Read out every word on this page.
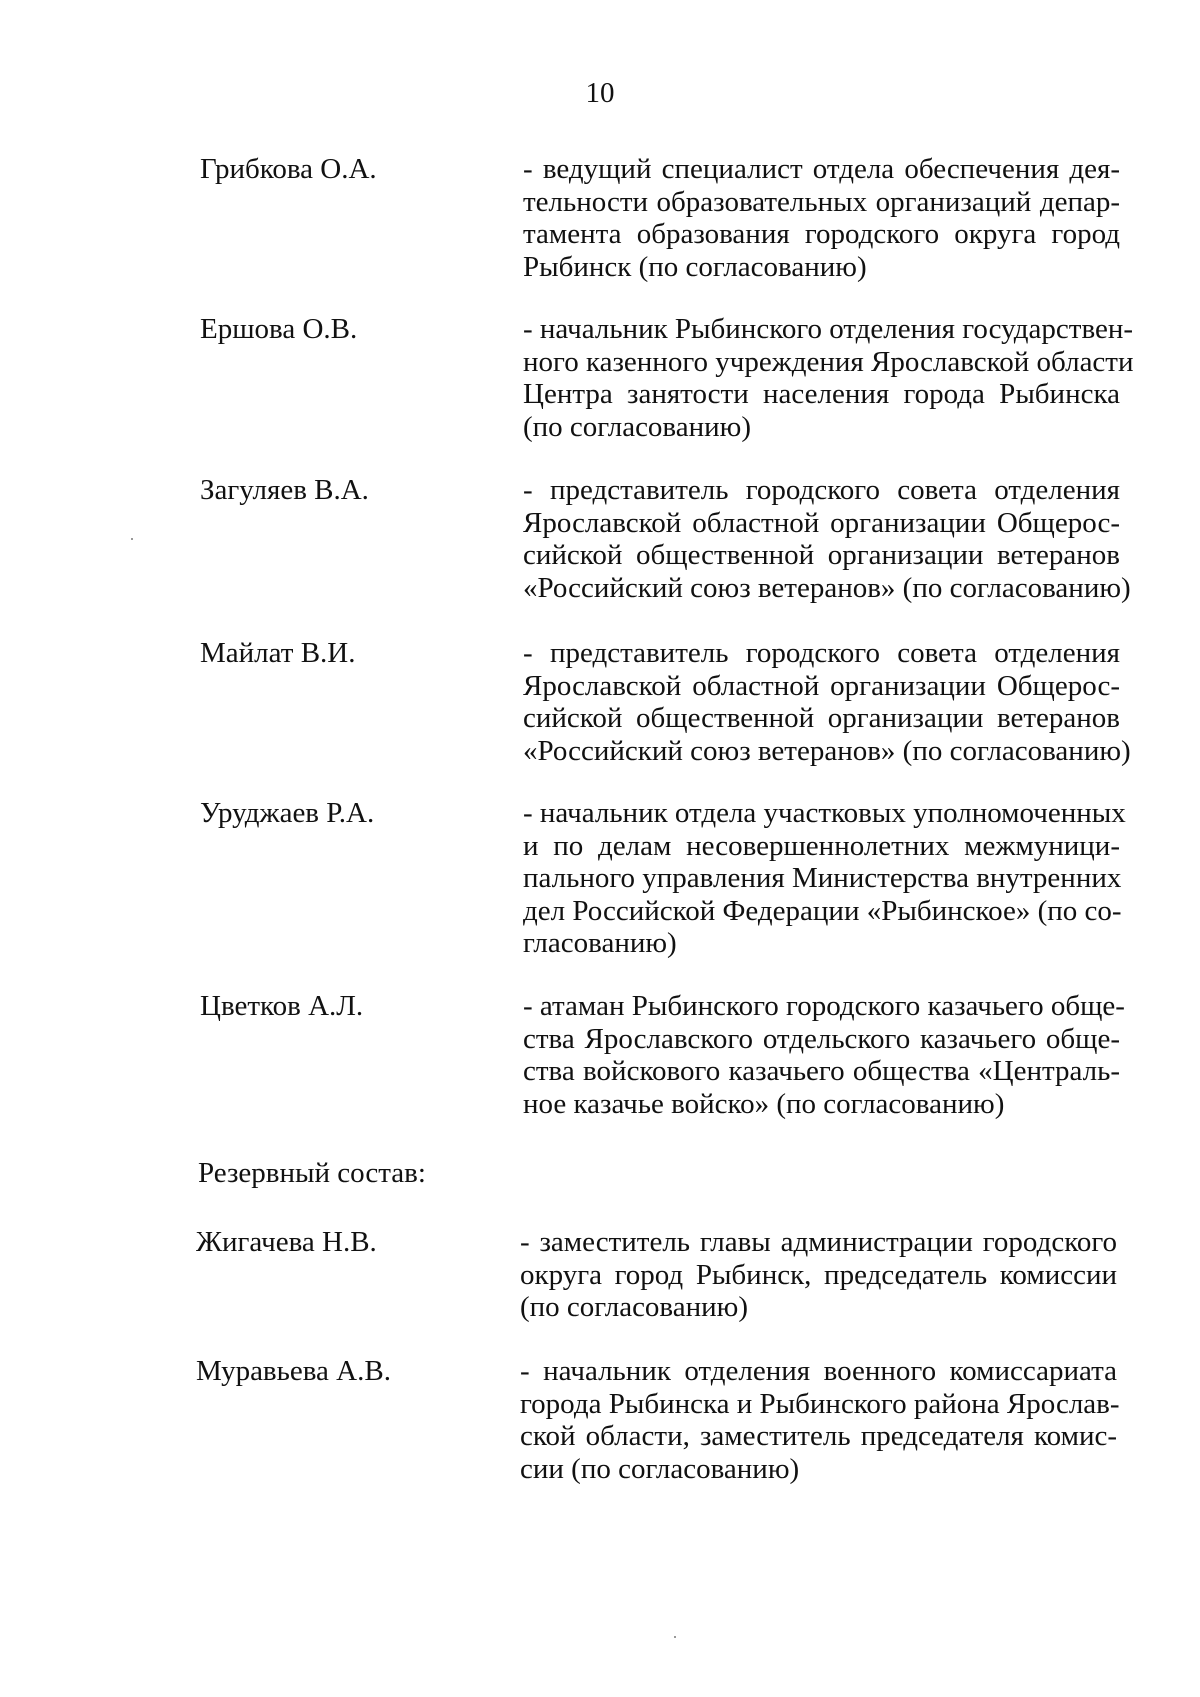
10
Грибкова О.А.	- ведущий специалист отдела обеспечения дея-
тельности образовательных организаций депар-
тамента образования городского округа город
Рыбинск (по согласованию)
Ершова О.В.	- начальник Рыбинского отделения государствен-
ного казенного учреждения Ярославской области
Центра занятости населения города Рыбинска
(по согласованию)
Загуляев В.А.	- представитель городского совета отделения
Ярославской областной организации Общерос-
сийской общественной организации ветеранов
«Российский союз ветеранов» (по согласованию)
Майлат В.И.	- представитель городского совета отделения
Ярославской областной организации Общерос-
сийской общественной организации ветеранов
«Российский союз ветеранов» (по согласованию)
Уруджаев Р.А.	- начальник отдела участковых уполномоченных
и по делам несовершеннолетних межмуници-
пального управления Министерства внутренних
дел Российской Федерации «Рыбинское» (по со-
гласованию)
Цветков А.Л.	- атаман Рыбинского городского казачьего обще-
ства Ярославского отдельского казачьего обще-
ства войскового казачьего общества «Централь-
ное казачье войско» (по согласованию)
Резервный состав:
Жигачева Н.В.	- заместитель главы администрации городского
округа город Рыбинск, председатель комиссии
(по согласованию)
Муравьева А.В.	- начальник отделения военного комиссариата
города Рыбинска и Рыбинского района Ярослав-
ской области, заместитель председателя комис-
сии (по согласованию)
